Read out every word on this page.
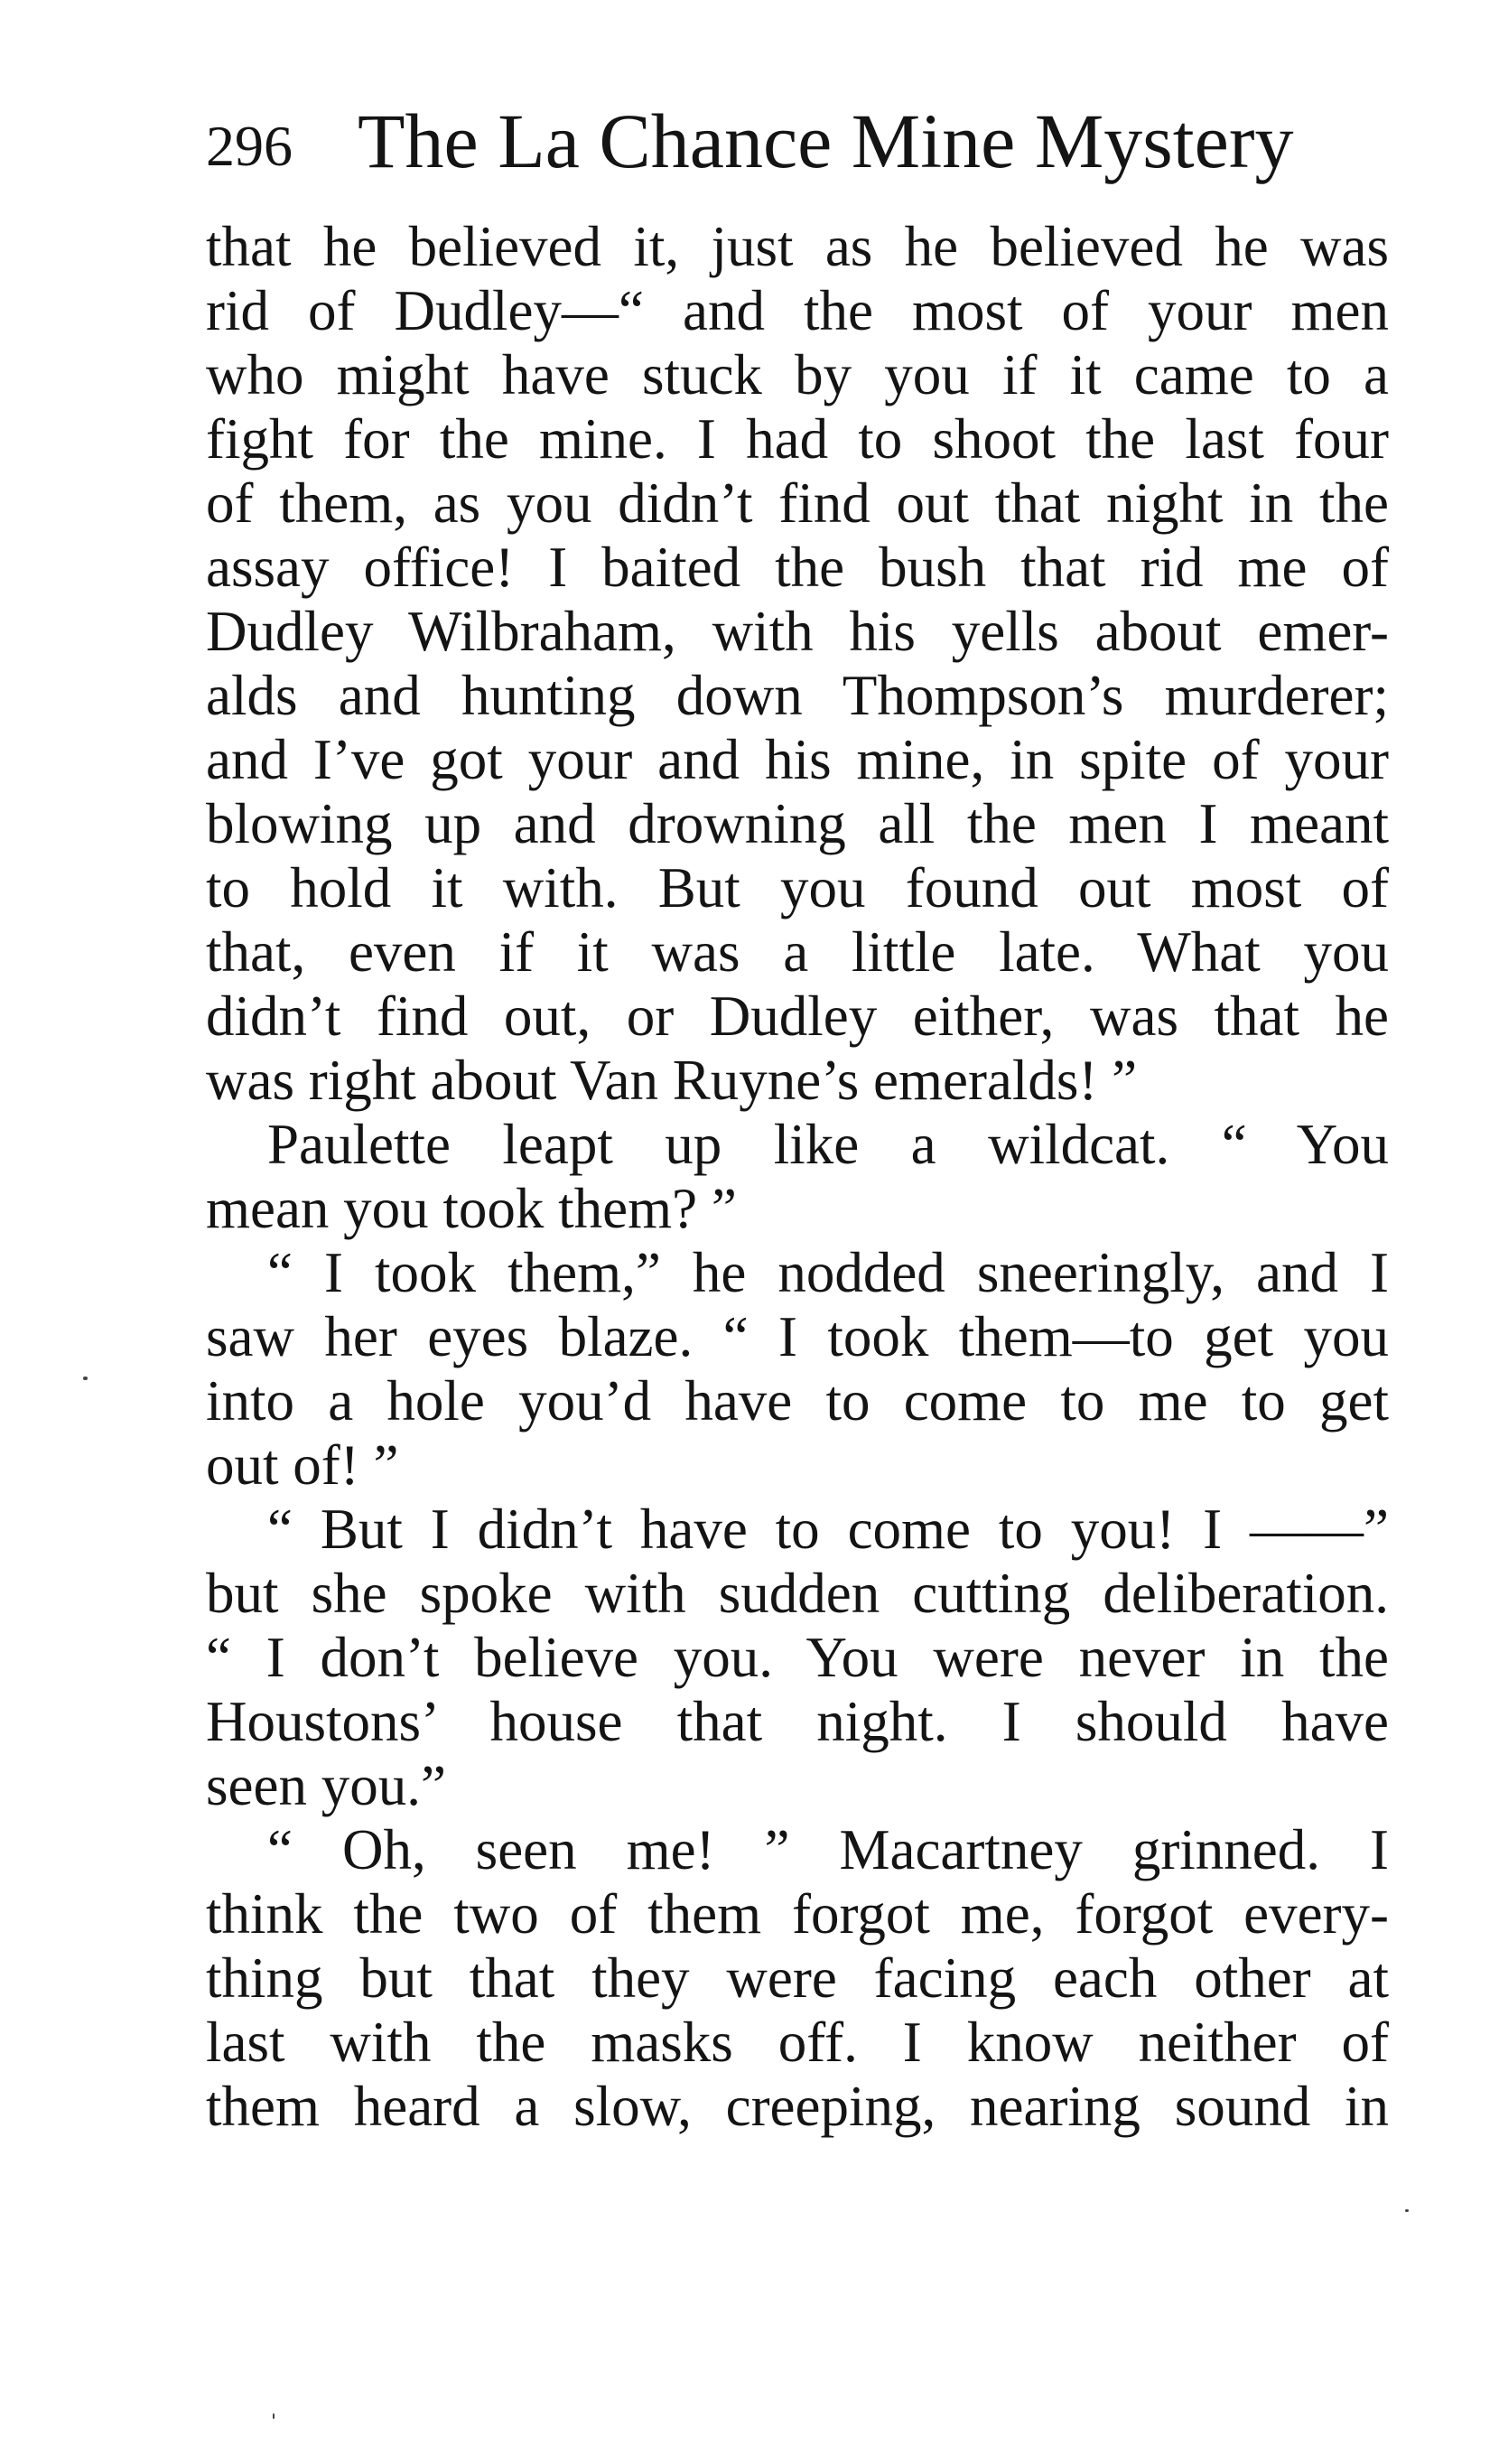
296 The La Chance Mine Mystery
that he believed it, just as he believed he was
rid of Dudley—“ and the most of your men
who might have stuck by you if it came to a
fight for the mine. I had to shoot the last four
of them, as you didn’t find out that night in the
assay office! I baited the bush that rid me of
Dudley Wilbraham, with his yells about emer-
alds and hunting down Thompson’s murderer;
and I’ve got your and his mine, in spite of your
blowing up and drowning all the men I meant
to hold it with. But you found out most of
that, even if it was a little late. What you
didn’t find out, or Dudley either, was that he
was right about Van Ruyne’s emeralds! ”
Paulette leapt up like a wildcat. “ You
mean you took them? ”
“ I took them,” he nodded sneeringly, and I
saw her eyes blaze. “ I took them—to get you
into a hole you’d have to come to me to get
out of! ”
“ But I didn’t have to come to you! I ——”
but she spoke with sudden cutting deliberation.
“ I don’t believe you. You were never in the
Houstons’ house that night. I should have
seen you.”
“ Oh, seen me! ” Macartney grinned. I
think the two of them forgot me, forgot every-
thing but that they were facing each other at
last with the masks off. I know neither of
them heard a slow, creeping, nearing sound in
